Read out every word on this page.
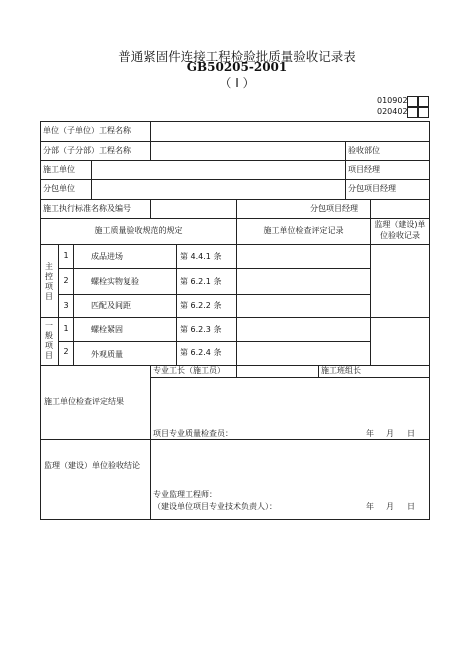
普通紧固件连接工程检验批质量验收记录表
GB50205-2001
（ Ⅰ ）
010902
020402
单位（子单位）工程名称
分部（子分部）工程名称	验收部位
施工单位	项目经理
分包单位	分包项目经理
施工执行标准名称及编号	分包项目经理
施工质量验收规范的规定	施工单位检查评定记录
监理（建设)单位验收记录
主控项目
1	成品进场	第 4.4.1 条
2	螺栓实物复验	第 6.2.1 条
3	匹配及间距	第 6.2.2 条
一般项目
1	螺栓紧固	第 6.2.3 条
2	外观质量	第 6.2.4 条
专业工长（施工员）	施工班组长
施工单位检查评定结果
项目专业质量检查员：	年 月 日
监理（建设）单位验收结论
专业监理工程师：
（建设单位项目专业技术负责人）：	年 月 日
